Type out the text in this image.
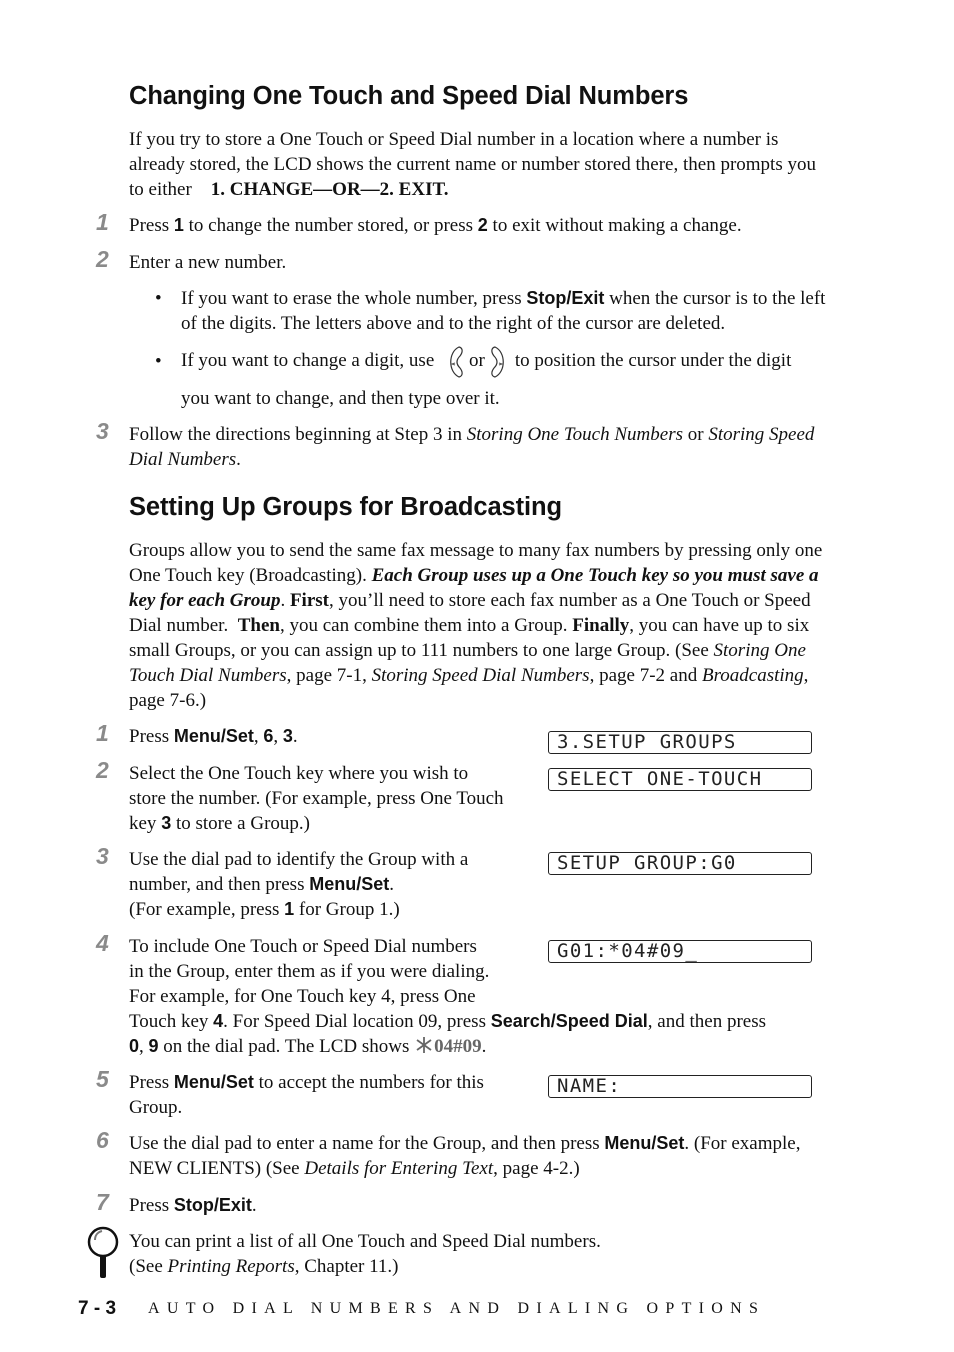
Changing One Touch and Speed Dial Numbers

If you try to store a One Touch or Speed Dial number in a location where a number is already stored, the LCD shows the current name or number stored there, then prompts you to either 1. CHANGE—OR—2. EXIT.

1 Press 1 to change the number stored, or press 2 to exit without making a change.

2 Enter a new number.
• If you want to erase the whole number, press Stop/Exit when the cursor is to the left of the digits. The letters above and to the right of the cursor are deleted.

• If you want to change a digit, use or to position the cursor under the digit

you want to change, and then type over it.
3 Follow the directions beginning at Step 3 in Storing One Touch Numbers or Storing Speed Dial Numbers.

Setting Up Groups for Broadcasting

Groups allow you to send the same fax message to many fax numbers by pressing only one One Touch key (Broadcasting). Each Group uses up a One Touch key so you must save a key for each Group. First, you’ll need to store each fax number as a One Touch or Speed Dial number. Then, you can combine them into a Group. Finally, you can have up to six small Groups, or you can assign up to 111 numbers to one large Group. (See Storing One Touch Dial Numbers, page 7-1, Storing Speed Dial Numbers, page 7-2 and Broadcasting, page 7-6.)

1 Press Menu/Set, 6, 3.	3.SETUP GROUPS
2 Select the One Touch key where you wish to store the number. (For example, press One Touch key 3 to store a Group.)

SELECT ONE-TOUCH
3 Use the dial pad to identify the Group with a number, and then press Menu/Set.

(For example, press 1 for Group 1.)

SETUP GROUP:G0
4 To include One Touch or Speed Dial numbers

in the Group, enter them as if you were dialing.

For example, for One Touch key 4, press One

Touch key 4. For Speed Dial location 09, press Search/Speed Dial, and then press

0, 9 on the dial pad. The LCD shows 04#09.

G01:*04#09_
5 Press Menu/Set to accept the numbers for this Group.

NAME:
6 Use the dial pad to enter a name for the Group, and then press Menu/Set. (For example, NEW CLIENTS) (See Details for Entering Text, page 4-2.)

7 Press Stop/Exit.

You can print a list of all One Touch and Speed Dial numbers.

(See Printing Reports, Chapter 11.)

7 - 3 AUTO DIAL NUMBERS AND DIALING OPTIONS
